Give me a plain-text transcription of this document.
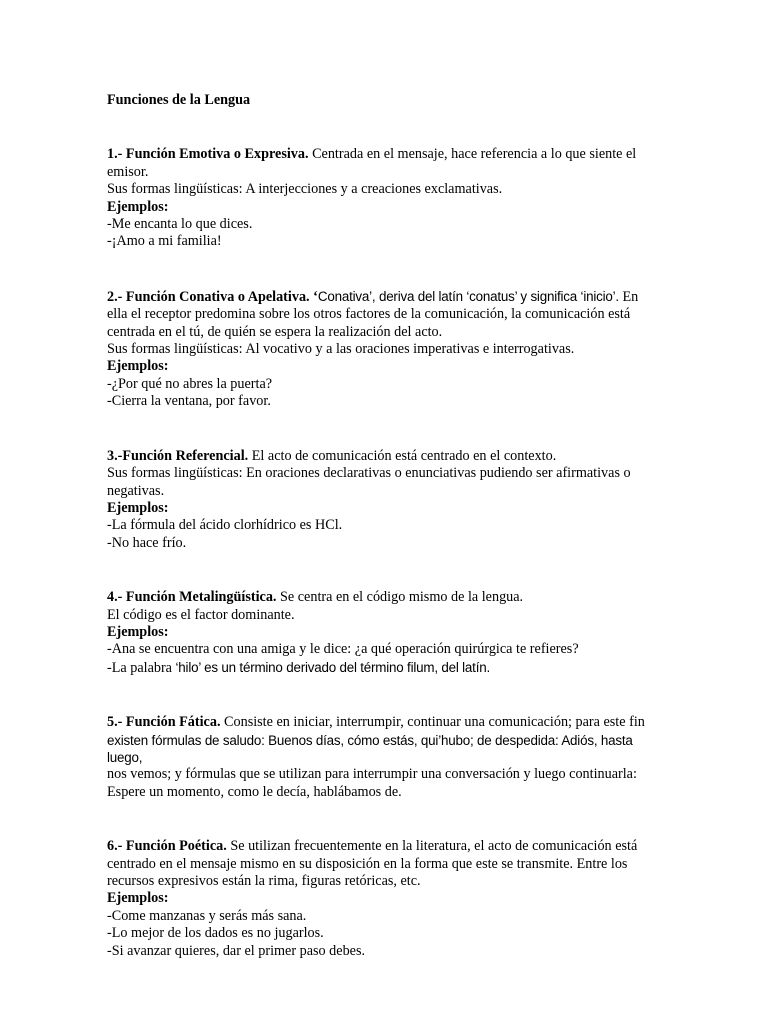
Funciones de la Lengua

1.- Función Emotiva o Expresiva. Centrada en el mensaje, hace referencia a lo que siente el emisor.

Sus formas lingüísticas: A interjecciones y a creaciones exclamativas.

Ejemplos:
-Me encanta lo que dices.
-¡Amo a mi familia!

2.- Función Conativa o Apelativa. ‘Conativa’, deriva del latín ‘conatus’ y significa ‘inicio’. En ella el receptor predomina sobre los otros factores de la comunicación, la comunicación está centrada en el tú, de quién se espera la realización del acto.

Sus formas lingüísticas: Al vocativo y a las oraciones imperativas e interrogativas.

Ejemplos:
-¿Por qué no abres la puerta?
-Cierra la ventana, por favor.

3.-Función Referencial. El acto de comunicación está centrado en el contexto.

Sus formas lingüísticas: En oraciones declarativas o enunciativas pudiendo ser afirmativas o negativas.

Ejemplos:
-La fórmula del ácido clorhídrico es HCl.
-No hace frío.

4.- Función Metalingüística. Se centra en el código mismo de la lengua.

El código es el factor dominante.

Ejemplos:
-Ana se encuentra con una amiga y le dice: ¿a qué operación quirúrgica te refieres?
-La palabra ‘hilo’ es un término derivado del término filum, del latín.

5.- Función Fática. Consiste en iniciar, interrumpir, continuar una comunicación; para este fin

existen fórmulas de saludo: Buenos días, cómo estás, qui’hubo; de despedida: Adiós, hasta luego,

nos vemos; y fórmulas que se utilizan para interrumpir una conversación y luego continuarla: Espere un momento, como le decía, hablábamos de.

6.- Función Poética. Se utilizan frecuentemente en la literatura, el acto de comunicación está centrado en el mensaje mismo en su disposición en la forma que este se transmite. Entre los recursos expresivos están la rima, figuras retóricas, etc.

Ejemplos:
-Come manzanas y serás más sana.
-Lo mejor de los dados es no jugarlos.
-Si avanzar quieres, dar el primer paso debes.
